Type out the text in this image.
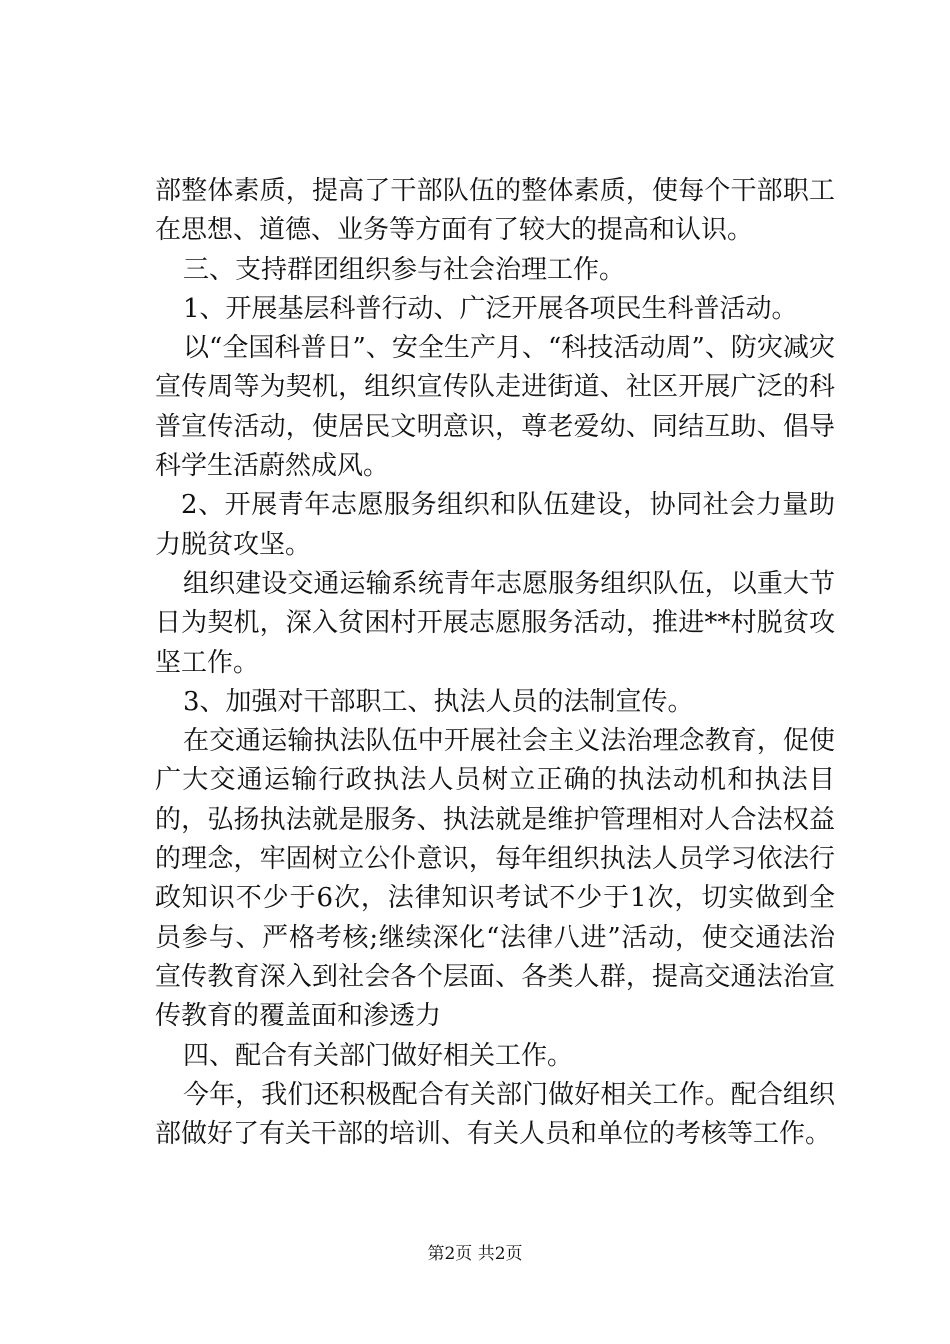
部整体素质，提高了干部队伍的整体素质，使每个干部职工在思想、道德、业务等方面有了较大的提高和认识。

三、支持群团组织参与社会治理工作。

1、开展基层科普行动、广泛开展各项民生科普活动。

以“全国科普日”、安全生产月、“科技活动周”、防灾减灾宣传周等为契机，组织宣传队走进街道、社区开展广泛的科普宣传活动，使居民文明意识，尊老爱幼、同结互助、倡导科学生活蔚然成风。

2、开展青年志愿服务组织和队伍建设，协同社会力量助力脱贫攻坚。

组织建设交通运输系统青年志愿服务组织队伍，以重大节日为契机，深入贫困村开展志愿服务活动，推进**村脱贫攻坚工作。

3、加强对干部职工、执法人员的法制宣传。

在交通运输执法队伍中开展社会主义法治理念教育，促使广大交通运输行政执法人员树立正确的执法动机和执法目的，弘扬执法就是服务、执法就是维护管理相对人合法权益的理念，牢固树立公仆意识，每年组织执法人员学习依法行政知识不少于6次，法律知识考试不少于1次，切实做到全员参与、严格考核;继续深化“法律八进”活动，使交通法治宣传教育深入到社会各个层面、各类人群，提高交通法治宣传教育的覆盖面和渗透力

四、配合有关部门做好相关工作。

今年，我们还积极配合有关部门做好相关工作。配合组织部做好了有关干部的培训、有关人员和单位的考核等工作。

第2页 共2页
